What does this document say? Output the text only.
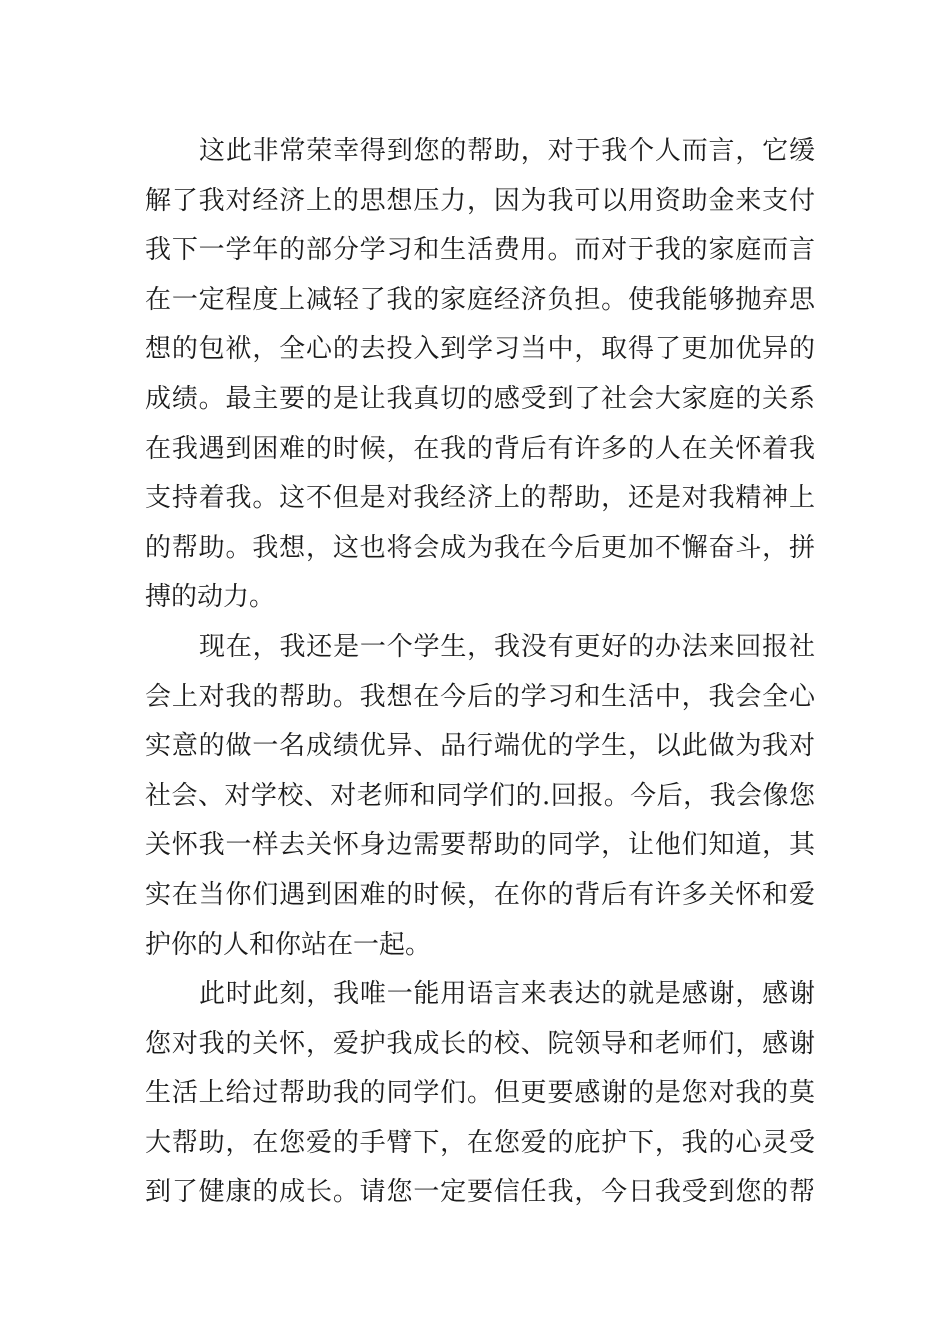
这此非常荣幸得到您的帮助，对于我个人而言，它缓
解了我对经济上的思想压力，因为我可以用资助金来支付
我下一学年的部分学习和生活费用。而对于我的家庭而言
在一定程度上减轻了我的家庭经济负担。使我能够抛弃思
想的包袱，全心的去投入到学习当中，取得了更加优异的
成绩。最主要的是让我真切的感受到了社会大家庭的关系
在我遇到困难的时候，在我的背后有许多的人在关怀着我
支持着我。这不但是对我经济上的帮助，还是对我精神上
的帮助。我想，这也将会成为我在今后更加不懈奋斗，拼
搏的动力。
现在，我还是一个学生，我没有更好的办法来回报社
会上对我的帮助。我想在今后的学习和生活中，我会全心
实意的做一名成绩优异、品行端优的学生，以此做为我对
社会、对学校、对老师和同学们的.回报。今后，我会像您
关怀我一样去关怀身边需要帮助的同学，让他们知道，其
实在当你们遇到困难的时候，在你的背后有许多关怀和爱
护你的人和你站在一起。
此时此刻，我唯一能用语言来表达的就是感谢，感谢
您对我的关怀，爱护我成长的校、院领导和老师们，感谢
生活上给过帮助我的同学们。但更要感谢的是您对我的莫
大帮助，在您爱的手臂下，在您爱的庇护下，我的心灵受
到了健康的成长。请您一定要信任我，今日我受到您的帮
